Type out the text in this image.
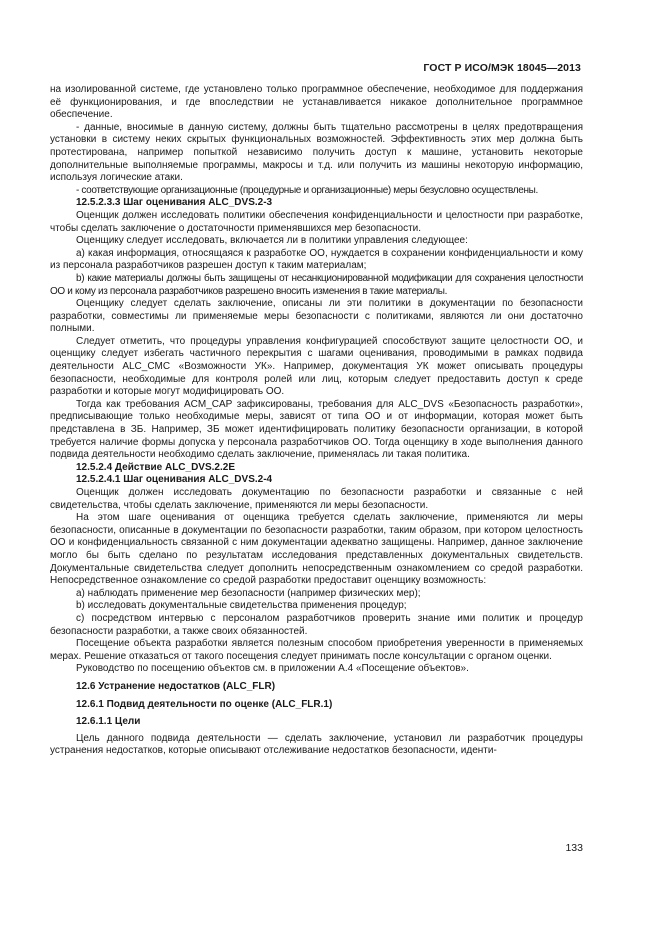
ГОСТ Р ИСО/МЭК 18045—2013

на изолированной системе, где установлено только программное обеспечение, необходимое для поддержания её функционирования, и где впоследствии не устанавливается никакое дополнительное программное обеспечение.

- данные, вносимые в данную систему, должны быть тщательно рассмотрены в целях предотвращения установки в систему неких скрытых функциональных возможностей. Эффективность этих мер должна быть протестирована, например попыткой независимо получить доступ к машине, установить некоторые дополнительные выполняемые программы, макросы и т.д. или получить из машины некоторую информацию, используя логические атаки.

- соответствующие организационные (процедурные и организационные) меры безусловно осуществлены.

12.5.2.3.3 Шаг оценивания ALC_DVS.2-3

Оценщик должен исследовать политики обеспечения конфиденциальности и целостности при разработке, чтобы сделать заключение о достаточности применявшихся мер безопасности.

Оценщику следует исследовать, включается ли в политики управления следующее:

a) какая информация, относящаяся к разработке ОО, нуждается в сохранении конфиденциальности и кому из персонала разработчиков разрешен доступ к таким материалам;

b) какие материалы должны быть защищены от несанкционированной модификации для сохранения целостности ОО и кому из персонала разработчиков разрешено вносить изменения в такие материалы.

Оценщику следует сделать заключение, описаны ли эти политики в документации по безопасности разработки, совместимы ли применяемые меры безопасности с политиками, являются ли они достаточно полными.

Следует отметить, что процедуры управления конфигурацией способствуют защите целостности ОО, и оценщику следует избегать частичного перекрытия с шагами оценивания, проводимыми в рамках подвида деятельности ALC_CMC «Возможности УК». Например, документация УК может описывать процедуры безопасности, необходимые для контроля ролей или лиц, которым следует предоставить доступ к среде разработки и которые могут модифицировать ОО.

Тогда как требования ACM_CAP зафиксированы, требования для ALC_DVS «Безопасность разработки», предписывающие только необходимые меры, зависят от типа ОО и от информации, которая может быть представлена в ЗБ. Например, ЗБ может идентифицировать политику безопасности организации, в которой требуется наличие формы допуска у персонала разработчиков ОО. Тогда оценщику в ходе выполнения данного подвида деятельности необходимо сделать заключение, применялась ли такая политика.

12.5.2.4 Действие ALC_DVS.2.2E

12.5.2.4.1 Шаг оценивания ALC_DVS.2-4

Оценщик должен исследовать документацию по безопасности разработки и связанные с ней свидетельства, чтобы сделать заключение, применяются ли меры безопасности.

На этом шаге оценивания от оценщика требуется сделать заключение, применяются ли меры безопасности, описанные в документации по безопасности разработки, таким образом, при котором целостность ОО и конфиденциальность связанной с ним документации адекватно защищены. Например, данное заключение могло бы быть сделано по результатам исследования представленных документальных свидетельств. Документальные свидетельства следует дополнить непосредственным ознакомлением со средой разработки. Непосредственное ознакомление со средой разработки предоставит оценщику возможность:

a) наблюдать применение мер безопасности (например физических мер);

b) исследовать документальные свидетельства применения процедур;

c) посредством интервью с персоналом разработчиков проверить знание ими политик и процедур безопасности разработки, а также своих обязанностей.

Посещение объекта разработки является полезным способом приобретения уверенности в применяемых мерах. Решение отказаться от такого посещения следует принимать после консультации с органом оценки.

Руководство по посещению объектов см. в приложении А.4 «Посещение объектов».

12.6 Устранение недостатков (ALC_FLR)

12.6.1 Подвид деятельности по оценке (ALC_FLR.1)

12.6.1.1 Цели

Цель данного подвида деятельности — сделать заключение, установил ли разработчик процедуры устранения недостатков, которые описывают отслеживание недостатков безопасности, иденти-

133
